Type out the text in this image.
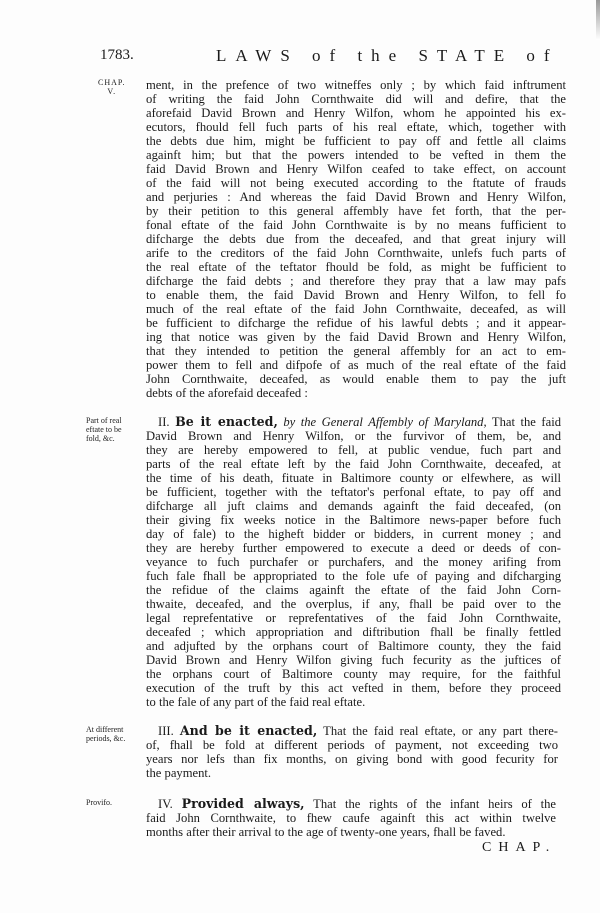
1783.	LAWS of the STATE of
CHAP.
V.	ment, in the prefence of two witneffes only ; by which faid inftrument
of writing the faid John Cornthwaite did will and defire, that the
aforefaid David Brown and Henry Wilfon, whom he appointed his ex-
ecutors, fhould fell fuch parts of his real eftate, which, together with
the debts due him, might be fufficient to pay off and fettle all claims
againft him; but that the powers intended to be vefted in them the
faid David Brown and Henry Wilfon ceafed to take effect, on account
of the faid will not being executed according to the ftatute of frauds
and perjuries : And whereas the faid David Brown and Henry Wilfon,
by their petition to this general affembly have fet forth, that the per-
fonal eftate of the faid John Cornthwaite is by no means fufficient to
difcharge the debts due from the deceafed, and that great injury will
arife to the creditors of the faid John Cornthwaite, unlefs fuch parts of
the real eftate of the teftator fhould be fold, as might be fufficient to
difcharge the faid debts ; and therefore they pray that a law may pafs
to enable them, the faid David Brown and Henry Wilfon, to fell fo
much of the real eftate of the faid John Cornthwaite, deceafed, as will
be fufficient to difcharge the refidue of his lawful debts ; and it appear-
ing that notice was given by the faid David Brown and Henry Wilfon,
that they intended to petition the general affembly for an act to em-
power them to fell and difpofe of as much of the real eftate of the faid
John Cornthwaite, deceafed, as would enable them to pay the juft
debts of the aforefaid deceafed :
Part of real
eftate to be
fold, &c.
II. Be it enacted, by the General Affembly of Maryland, That the faid
David Brown and Henry Wilfon, or the furvivor of them, be, and
they are hereby empowered to fell, at public vendue, fuch part and
parts of the real eftate left by the faid John Cornthwaite, deceafed, at
the time of his death, fituate in Baltimore county or elfewhere, as will
be fufficient, together with the teftator's perfonal eftate, to pay off and
difcharge all juft claims and demands againft the faid deceafed, (on
their giving fix weeks notice in the Baltimore news-paper before fuch
day of fale) to the higheft bidder or bidders, in current money ; and
they are hereby further empowered to execute a deed or deeds of con-
veyance to fuch purchafer or purchafers, and the money arifing from
fuch fale fhall be appropriated to the fole ufe of paying and difcharging
the refidue of the claims againft the eftate of the faid John Corn-
thwaite, deceafed, and the overplus, if any, fhall be paid over to the
legal reprefentative or reprefentatives of the faid John Cornthwaite,
deceafed ; which appropriation and diftribution fhall be finally fettled
and adjufted by the orphans court of Baltimore county, they the faid
David Brown and Henry Wilfon giving fuch fecurity as the juftices of
the orphans court of Baltimore county may require, for the faithful
execution of the truft by this act vefted in them, before they proceed
to the fale of any part of the faid real eftate.
At different
periods, &c.
III. And be it enacted, That the faid real eftate, or any part there-
of, fhall be fold at different periods of payment, not exceeding two
years nor lefs than fix months, on giving bond with good fecurity for
the payment.
Provifo.	IV. Provided always, That the rights of the infant heirs of the
faid John Cornthwaite, to fhew caufe againft this act within twelve
months after their arrival to the age of twenty-one years, fhall be faved.
CHAP.
